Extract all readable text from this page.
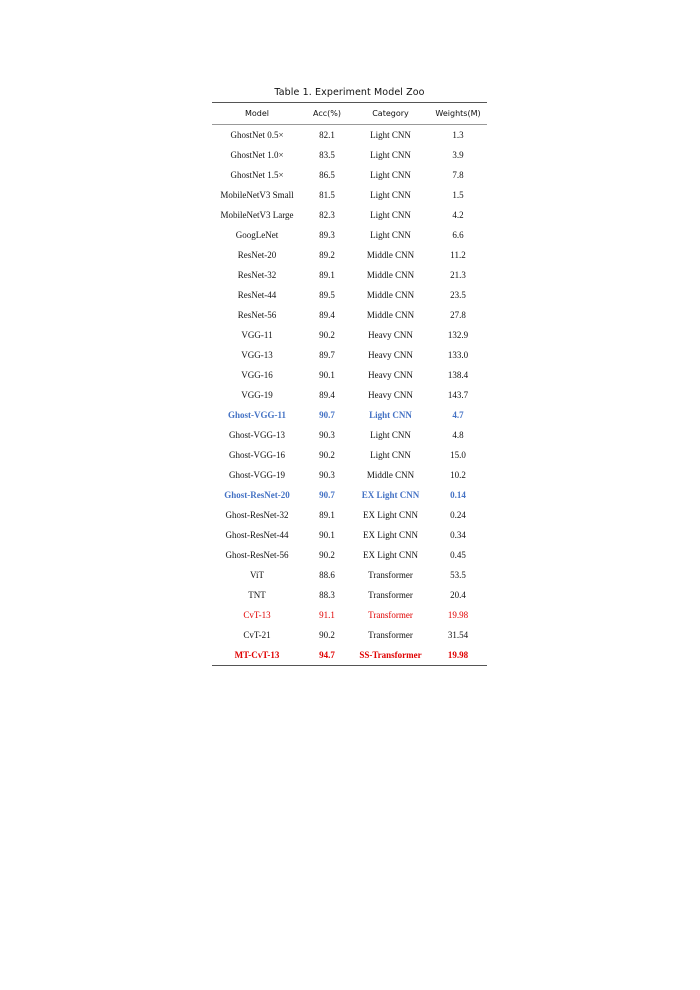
Table 1. Experiment Model Zoo
Model	Acc(%)	Category	Weights(M)
GhostNet 0.5×	82.1	Light CNN	1.3
GhostNet 1.0×	83.5	Light CNN	3.9
GhostNet 1.5×	86.5	Light CNN	7.8
MobileNetV3 Small	81.5	Light CNN	1.5
MobileNetV3 Large	82.3	Light CNN	4.2
GoogLeNet	89.3	Light CNN	6.6
ResNet-20	89.2	Middle CNN	11.2
ResNet-32	89.1	Middle CNN	21.3
ResNet-44	89.5	Middle CNN	23.5
ResNet-56	89.4	Middle CNN	27.8
VGG-11	90.2	Heavy CNN	132.9
VGG-13	89.7	Heavy CNN	133.0
VGG-16	90.1	Heavy CNN	138.4
VGG-19	89.4	Heavy CNN	143.7
Ghost-VGG-11	90.7	Light CNN	4.7
Ghost-VGG-13	90.3	Light CNN	4.8
Ghost-VGG-16	90.2	Light CNN	15.0
Ghost-VGG-19	90.3	Middle CNN	10.2
Ghost-ResNet-20	90.7	EX Light CNN	0.14
Ghost-ResNet-32	89.1	EX Light CNN	0.24
Ghost-ResNet-44	90.1	EX Light CNN	0.34
Ghost-ResNet-56	90.2	EX Light CNN	0.45
ViT	88.6	Transformer	53.5
TNT	88.3	Transformer	20.4
CvT-13	91.1	Transformer	19.98
CvT-21	90.2	Transformer	31.54
MT-CvT-13	94.7	SS-Transformer	19.98
